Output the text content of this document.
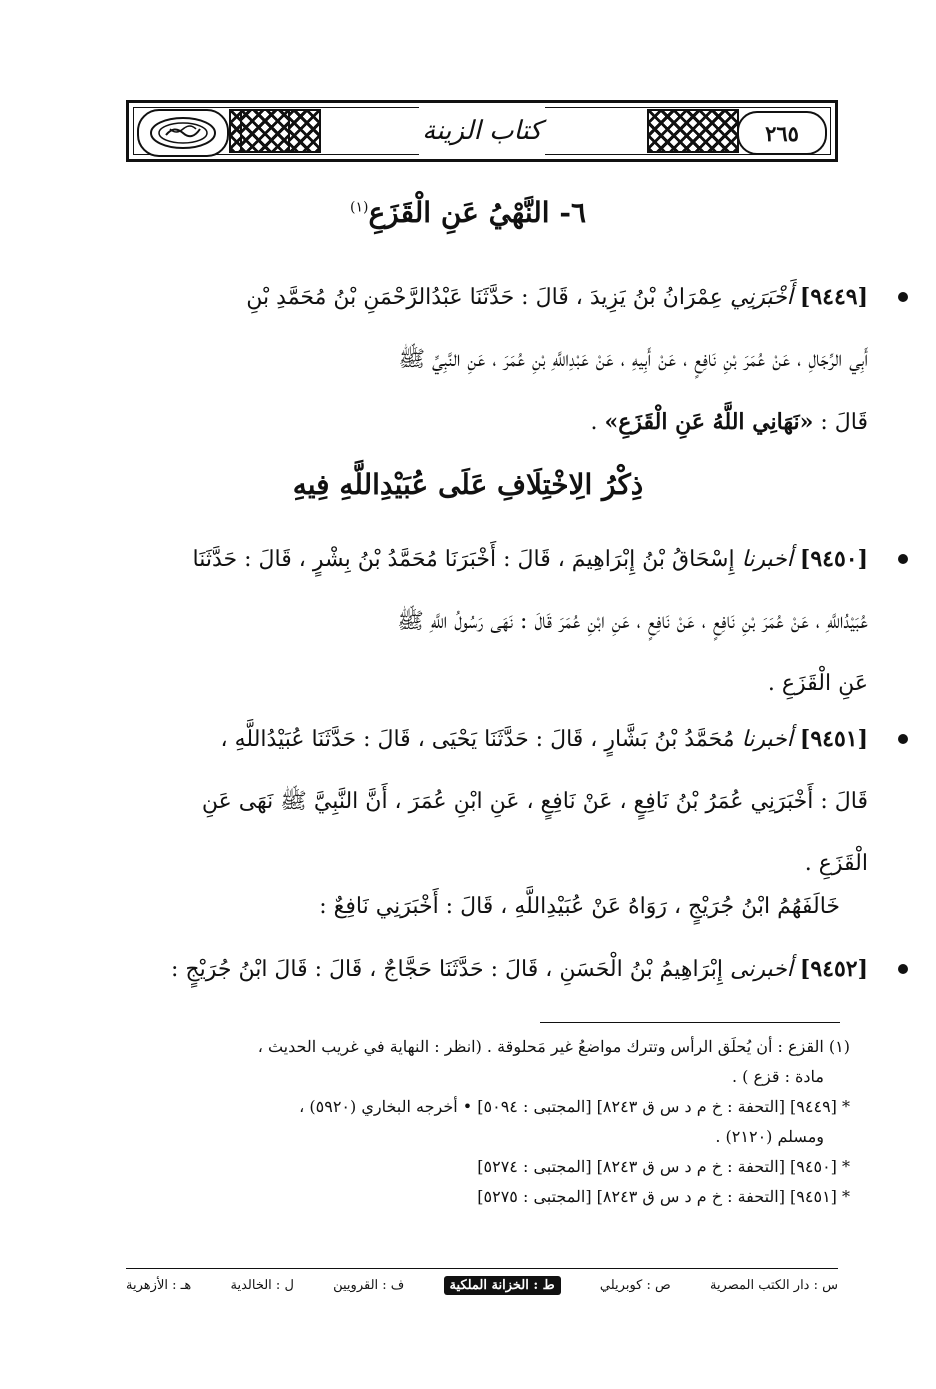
كتاب الزينة	٢٦٥
٦- النَّهْيُ عَنِ الْقَزَعِ$^{(١)}$
[٩٤٤٩] أَخْبَرَنِي عِمْرَانُ بْنُ يَزِيدَ ، قَالَ : حَدَّثَنَا عَبْدُالرَّحْمَنِ بْنُ مُحَمَّدِ بْنِ
أَبِي الرِّجَالِ ، عَنْ عُمَرَ بْنِ نَافِعٍ ، عَنْ أَبِيهِ ، عَنْ عَبْدِاللَّهِ بْنِ عُمَرَ ، عَنِ النَّبِيِّ ﷺ
قَالَ : «نَهَانِي اللَّهُ عَنِ الْقَزَعِ» .
ذِكْرُ الِاخْتِلَافِ عَلَى عُبَيْدِاللَّهِ فِيهِ
[٩٤٥٠] أخبرنا إِسْحَاقُ بْنُ إِبْرَاهِيمَ ، قَالَ : أَخْبَرَنَا مُحَمَّدُ بْنُ بِشْرٍ ، قَالَ : حَدَّثَنَا
عُبَيْدُاللَّهِ ، عَنْ عُمَرَ بْنِ نَافِعٍ ، عَنْ نَافِعٍ ، عَنِ ابْنِ عُمَرَ قَالَ : نَهَى رَسُولُ اللَّهِ ﷺ
عَنِ الْقَزَعِ .
[٩٤٥١] أخبرنا مُحَمَّدُ بْنُ بَشَّارٍ ، قَالَ : حَدَّثَنَا يَحْيَى ، قَالَ : حَدَّثَنَا عُبَيْدُاللَّهِ ،
قَالَ : أَخْبَرَنِي عُمَرُ بْنُ نَافِعٍ ، عَنْ نَافِعٍ ، عَنِ ابْنِ عُمَرَ ، أَنَّ النَّبِيَّ ﷺ نَهَى عَنِ
الْقَزَعِ .
خَالَفَهُمُ ابْنُ جُرَيْجٍ ، رَوَاهُ عَنْ عُبَيْدِاللَّهِ ، قَالَ : أَخْبَرَنِي نَافِعٌ :
[٩٤٥٢] أخبرنى إِبْرَاهِيمُ بْنُ الْحَسَنِ ، قَالَ : حَدَّثَنَا حَجَّاجٌ ، قَالَ : قَالَ ابْنُ جُرَيْجٍ :
(١) القزع : أن يُحلَق الرأس وتترك مواضعُ غير مَحلوقة . (انظر : النهاية في غريب الحديث ،
مادة : قزع ) .
* [٩٤٤٩] [التحفة : خ م د س ق ٨٢٤٣] [المجتبى : ٥٠٩٤] • أخرجه البخاري (٥٩٢٠) ،
ومسلم (٢١٢٠) .
* [٩٤٥٠] [التحفة : خ م د س ق ٨٢٤٣] [المجتبى : ٥٢٧٤]
* [٩٤٥١] [التحفة : خ م د س ق ٨٢٤٣] [المجتبى : ٥٢٧٥]
س : دار الكتب المصرية
ص : كوبريلي
ط : الخزانة الملكية
ف : القرويين
ل : الخالدية
هـ : الأزهرية
